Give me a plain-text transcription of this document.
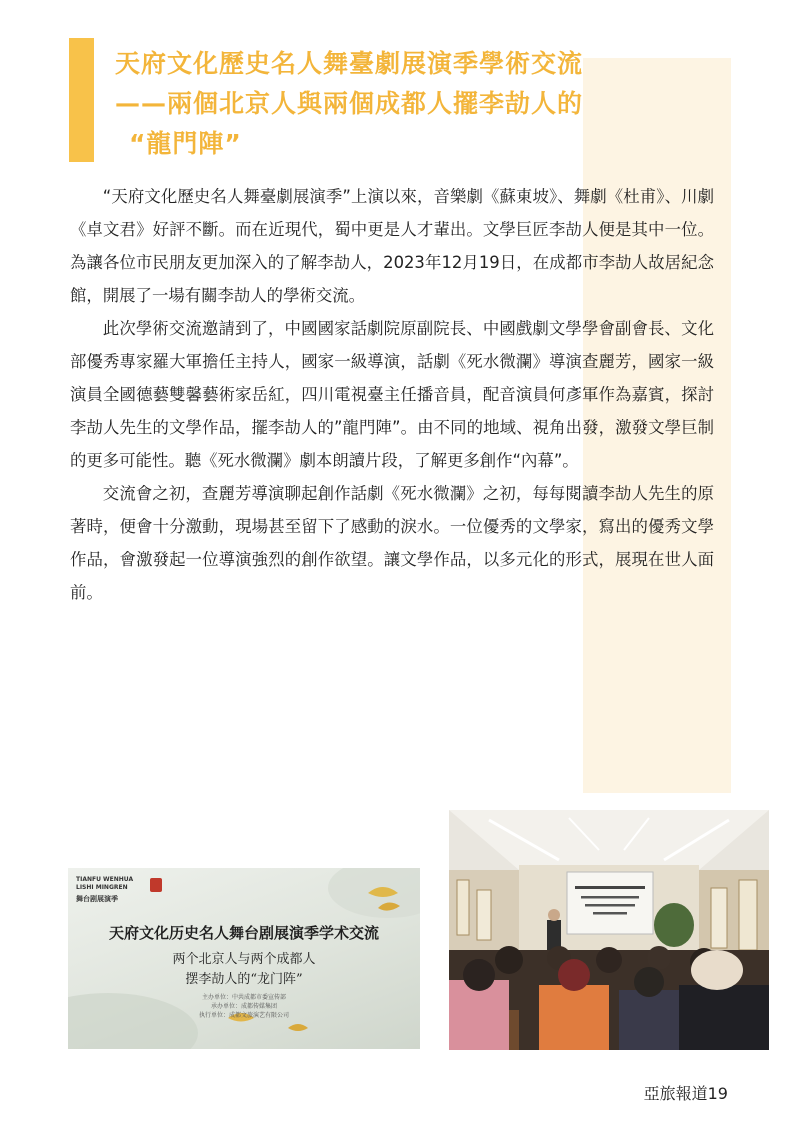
天府文化歷史名人舞臺劇展演季學術交流
——兩個北京人與兩個成都人擺李劼人的
“龍門陣”

“天府文化歷史名人舞臺劇展演季”上演以來，音樂劇《蘇東坡》、舞劇《杜甫》、川劇《卓文君》好評不斷。而在近現代，蜀中更是人才輩出。文學巨匠李劼人便是其中一位。為讓各位市民朋友更加深入的了解李劼人，2023年12月19日，在成都市李劼人故居紀念館，開展了一場有關李劼人的學術交流。

此次學術交流邀請到了，中國國家話劇院原副院長、中國戲劇文學學會副會長、文化部優秀專家羅大軍擔任主持人，國家一級導演，話劇《死水微瀾》導演查麗芳，國家一級演員全國德藝雙馨藝術家岳紅，四川電視臺主任播音員，配音演員何彥軍作為嘉賓，探討李劼人先生的文學作品，擺李劼人的”龍門陣”。由不同的地域、視角出發，激發文學巨制的更多可能性。聽《死水微瀾》劇本朗讀片段，了解更多創作“內幕”。

交流會之初，查麗芳導演聊起創作話劇《死水微瀾》之初，每每閱讀李劼人先生的原著時，便會十分激動，現場甚至留下了感動的淚水。一位優秀的文學家，寫出的優秀文學作品，會激發起一位導演強烈的創作欲望。讓文學作品，以多元化的形式，展現在世人面前。

TIANFU WENHUA LISHI MINGREN
舞台剧展演季
天府文化历史名人舞台剧展演季学术交流
两个北京人与两个成都人
摆李劼人的“龙门阵”
主办单位：中共成都市委宣传部
承办单位：成都传媒集团
执行单位：成都文旅演艺有限公司
亞旅報道19
